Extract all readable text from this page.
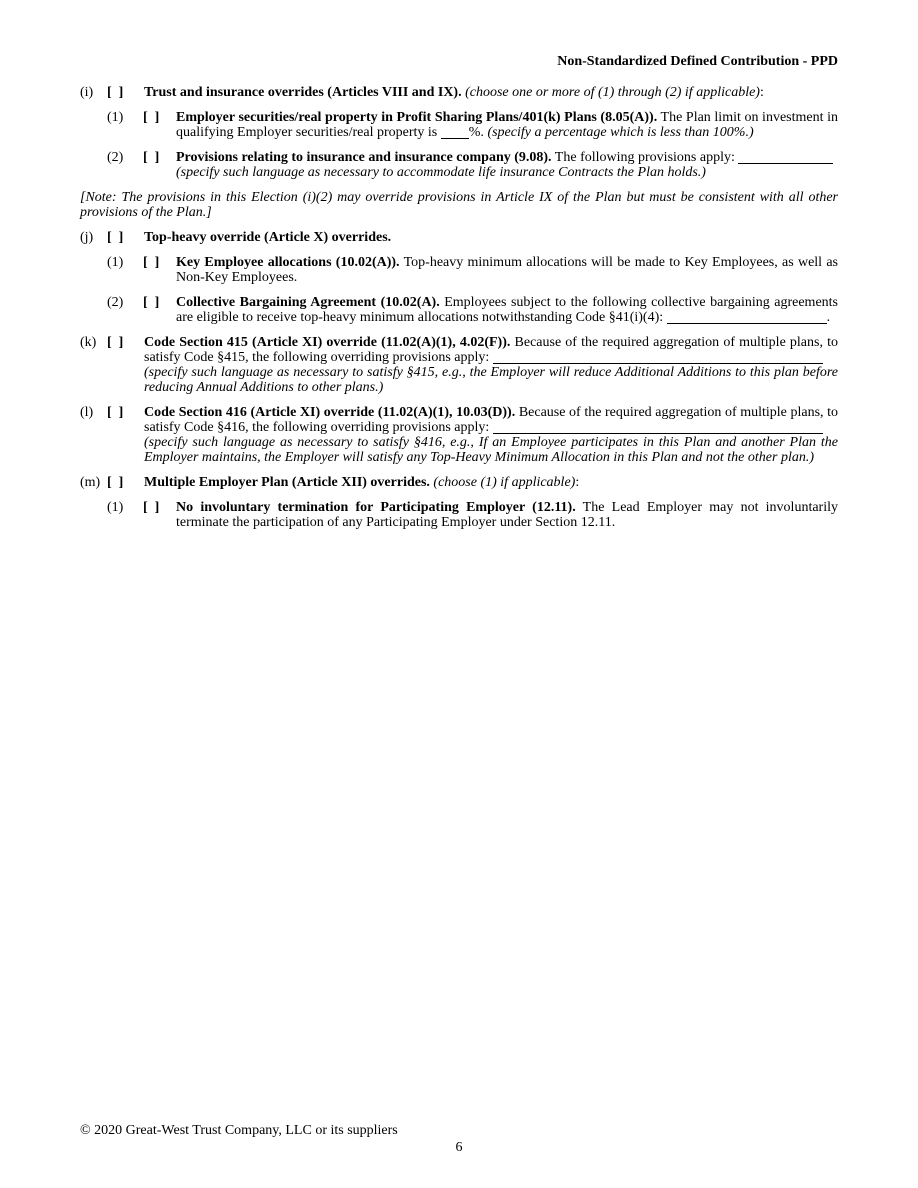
Non-Standardized Defined Contribution - PPD
(i) [ ]	Trust and insurance overrides (Articles VIII and IX). (choose one or more of (1) through (2) if applicable):
(1)	[ ]	Employer securities/real property in Profit Sharing Plans/401(k) Plans (8.05(A)). The Plan limit on investment in qualifying Employer securities/real property is %. (specify a percentage which is less than 100%.)
(2)	[ ]	Provisions relating to insurance and insurance company (9.08). The following provisions apply:
(specify such language as necessary to accommodate life insurance Contracts the Plan holds.)
[Note: The provisions in this Election (i)(2) may override provisions in Article IX of the Plan but must be consistent with all other provisions of the Plan.]
(j) [ ]	Top-heavy override (Article X) overrides.
(1)	[ ]	Key Employee allocations (10.02(A)). Top-heavy minimum allocations will be made to Key Employees, as well as Non-Key Employees.
(2)	[ ]	Collective Bargaining Agreement (10.02(A). Employees subject to the following collective bargaining agreements are eligible to receive top-heavy minimum allocations notwithstanding Code §41(i)(4):	.
(k) [ ]	Code Section 415 (Article XI) override (11.02(A)(1), 4.02(F)). Because of the required aggregation of multiple plans, to satisfy Code §415, the following overriding provisions apply:
(specify such language as necessary to satisfy §415, e.g., the Employer will reduce Additional Additions to this plan before reducing Annual Additions to other plans.)
(l) [ ]	Code Section 416 (Article XI) override (11.02(A)(1), 10.03(D)). Because of the required aggregation of multiple plans, to satisfy Code §416, the following overriding provisions apply:
(specify such language as necessary to satisfy §416, e.g., If an Employee participates in this Plan and another Plan the Employer maintains, the Employer will satisfy any Top-Heavy Minimum Allocation in this Plan and not the other plan.)
(m) [ ]	Multiple Employer Plan (Article XII) overrides. (choose (1) if applicable):
(1)	[ ]	No involuntary termination for Participating Employer (12.11). The Lead Employer may not involuntarily terminate the participation of any Participating Employer under Section 12.11.
© 2020 Great-West Trust Company, LLC or its suppliers
6
